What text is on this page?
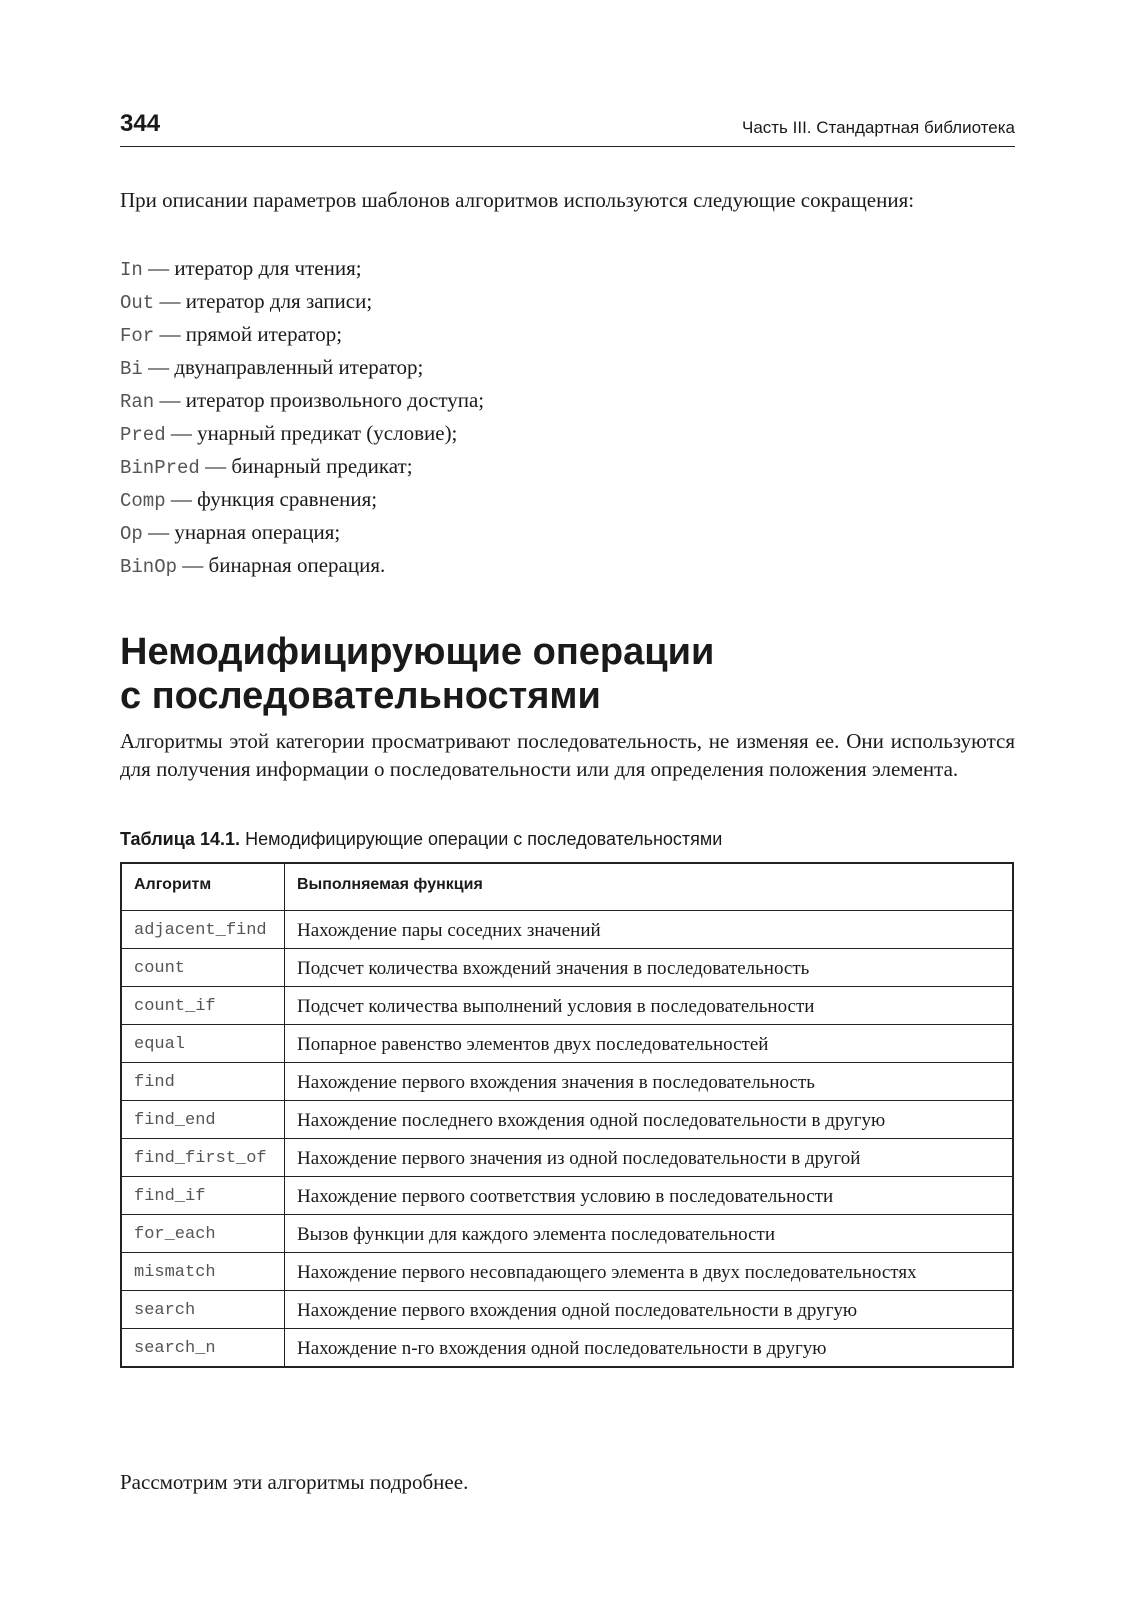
344	Часть III. Стандартная библиотека

При описании параметров шаблонов алгоритмов используются следующие сокращения:

In — итератор для чтения;
Out — итератор для записи;
For — прямой итератор;
Bi — двунаправленный итератор;
Ran — итератор произвольного доступа;
Pred — унарный предикат (условие);
BinPred — бинарный предикат;
Comp — функция сравнения;
Op — унарная операция;
BinOp — бинарная операция.
Немодифицирующие операции
с последовательностями

Алгоритмы этой категории просматривают последовательность, не изменяя ее. Они используются для получения информации о последовательности или для определения положения элемента.

Таблица 14.1. Немодифицирующие операции с последовательностями
Алгоритм	Выполняемая функция
adjacent_find	Нахождение пары соседних значений
count	Подсчет количества вхождений значения в последовательность
count_if	Подсчет количества выполнений условия в последовательности
equal	Попарное равенство элементов двух последовательностей
find	Нахождение первого вхождения значения в последовательность
find_end	Нахождение последнего вхождения одной последовательности в другую
find_first_of	Нахождение первого значения из одной последовательности в другой
find_if	Нахождение первого соответствия условию в последовательности
for_each	Вызов функции для каждого элемента последовательности
mismatch	Нахождение первого несовпадающего элемента в двух последовательностях
search	Нахождение первого вхождения одной последовательности в другую
search_n	Нахождение n-го вхождения одной последовательности в другую

Рассмотрим эти алгоритмы подробнее.
